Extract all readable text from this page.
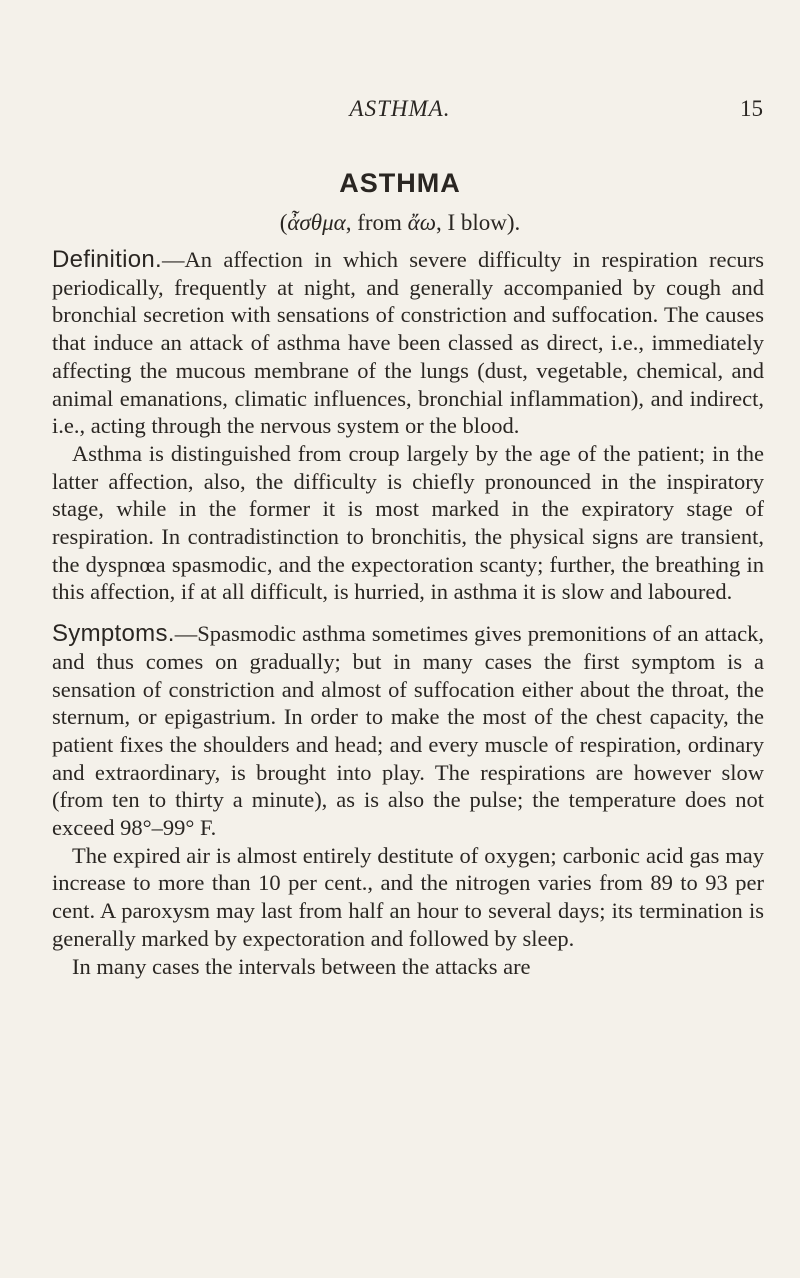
ASTHMA.	15
ASTHMA
(ἆσθμα, from ἄω, I blow).

Definition.—An affection in which severe difficulty in respiration recurs periodically, frequently at night, and generally accompanied by cough and bronchial secretion with sensations of constriction and suffocation. The causes that induce an attack of asthma have been classed as direct, i.e., immediately affecting the mucous membrane of the lungs (dust, vegetable, chemical, and animal emanations, climatic influences, bronchial inflammation), and indirect, i.e., acting through the nervous system or the blood.

Asthma is distinguished from croup largely by the age of the patient; in the latter affection, also, the difficulty is chiefly pronounced in the inspiratory stage, while in the former it is most marked in the expiratory stage of respiration. In contradistinction to bronchitis, the physical signs are transient, the dyspnœa spasmodic, and the expectoration scanty; further, the breathing in this affection, if at all difficult, is hurried, in asthma it is slow and laboured.

Symptoms.—Spasmodic asthma sometimes gives premonitions of an attack, and thus comes on gradually; but in many cases the first symptom is a sensation of constriction and almost of suffocation either about the throat, the sternum, or epigastrium. In order to make the most of the chest capacity, the patient fixes the shoulders and head; and every muscle of respiration, ordinary and extraordinary, is brought into play. The respirations are however slow (from ten to thirty a minute), as is also the pulse; the temperature does not exceed 98°–99° F.

The expired air is almost entirely destitute of oxygen; carbonic acid gas may increase to more than 10 per cent., and the nitrogen varies from 89 to 93 per cent. A paroxysm may last from half an hour to several days; its termination is generally marked by expectoration and followed by sleep.

In many cases the intervals between the attacks are
